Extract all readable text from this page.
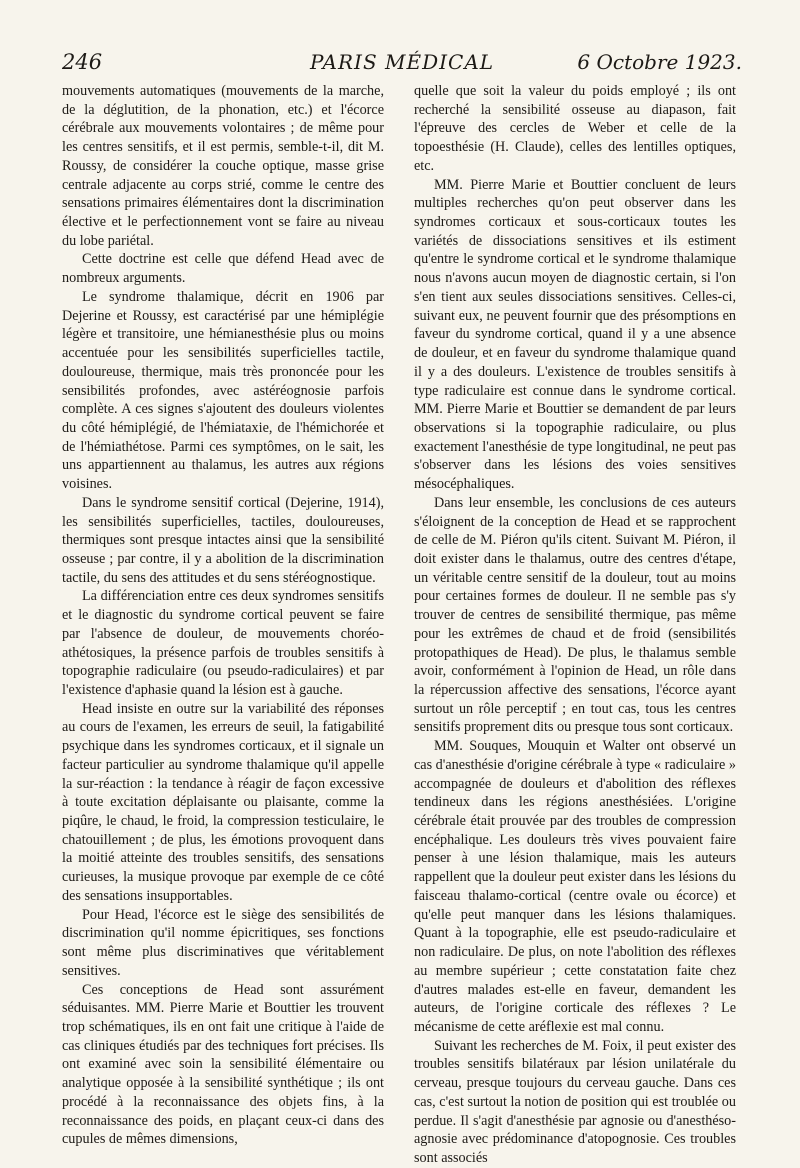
246	PARIS MÉDICAL	6 Octobre 1923.

mouvements automatiques (mouvements de la marche, de la déglutition, de la phonation, etc.) et l'écorce cérébrale aux mouvements volontaires ; de même pour les centres sensitifs, et il est permis, semble-t-il, dit M. Roussy, de considérer la couche optique, masse grise centrale adjacente au corps strié, comme le centre des sensations primaires élémentaires dont la discrimination élective et le perfectionnement vont se faire au niveau du lobe pariétal.

Cette doctrine est celle que défend Head avec de nombreux arguments.

Le syndrome thalamique, décrit en 1906 par Dejerine et Roussy, est caractérisé par une hémiplégie légère et transitoire, une hémianesthésie plus ou moins accentuée pour les sensibilités superficielles tactile, douloureuse, thermique, mais très prononcée pour les sensibilités profondes, avec astéréognosie parfois complète. A ces signes s'ajoutent des douleurs violentes du côté hémiplégié, de l'hémiataxie, de l'hémichorée et de l'hémiathétose. Parmi ces symptômes, on le sait, les uns appartiennent au thalamus, les autres aux régions voisines.

Dans le syndrome sensitif cortical (Dejerine, 1914), les sensibilités superficielles, tactiles, douloureuses, thermiques sont presque intactes ainsi que la sensibilité osseuse ; par contre, il y a abolition de la discrimination tactile, du sens des attitudes et du sens stéréognostique.

La différenciation entre ces deux syndromes sensitifs et le diagnostic du syndrome cortical peuvent se faire par l'absence de douleur, de mouvements choréo-athétosiques, la présence parfois de troubles sensitifs à topographie radiculaire (ou pseudo-radiculaires) et par l'existence d'aphasie quand la lésion est à gauche.

Head insiste en outre sur la variabilité des réponses au cours de l'examen, les erreurs de seuil, la fatigabilité psychique dans les syndromes corticaux, et il signale un facteur particulier au syndrome thalamique qu'il appelle la sur-réaction : la tendance à réagir de façon excessive à toute excitation déplaisante ou plaisante, comme la piqûre, le chaud, le froid, la compression testiculaire, le chatouillement ; de plus, les émotions provoquent dans la moitié atteinte des troubles sensitifs, des sensations curieuses, la musique provoque par exemple de ce côté des sensations insupportables.

Pour Head, l'écorce est le siège des sensibilités de discrimination qu'il nomme épicritiques, ses fonctions sont même plus discriminatives que véritablement sensitives.

Ces conceptions de Head sont assurément séduisantes. MM. Pierre Marie et Bouttier les trouvent trop schématiques, ils en ont fait une critique à l'aide de cas cliniques étudiés par des techniques fort précises. Ils ont examiné avec soin la sensibilité élémentaire ou analytique opposée à la sensibilité synthétique ; ils ont procédé à la reconnaissance des objets fins, à la reconnaissance des poids, en plaçant ceux-ci dans des cupules de mêmes dimensions,

quelle que soit la valeur du poids employé ; ils ont recherché la sensibilité osseuse au diapason, fait l'épreuve des cercles de Weber et celle de la topoesthésie (H. Claude), celles des lentilles optiques, etc.

MM. Pierre Marie et Bouttier concluent de leurs multiples recherches qu'on peut observer dans les syndromes corticaux et sous-corticaux toutes les variétés de dissociations sensitives et ils estiment qu'entre le syndrome cortical et le syndrome thalamique nous n'avons aucun moyen de diagnostic certain, si l'on s'en tient aux seules dissociations sensitives. Celles-ci, suivant eux, ne peuvent fournir que des présomptions en faveur du syndrome cortical, quand il y a une absence de douleur, et en faveur du syndrome thalamique quand il y a des douleurs. L'existence de troubles sensitifs à type radiculaire est connue dans le syndrome cortical. MM. Pierre Marie et Bouttier se demandent de par leurs observations si la topographie radiculaire, ou plus exactement l'anesthésie de type longitudinal, ne peut pas s'observer dans les lésions des voies sensitives mésocéphaliques.

Dans leur ensemble, les conclusions de ces auteurs s'éloignent de la conception de Head et se rapprochent de celle de M. Piéron qu'ils citent. Suivant M. Piéron, il doit exister dans le thalamus, outre des centres d'étape, un véritable centre sensitif de la douleur, tout au moins pour certaines formes de douleur. Il ne semble pas s'y trouver de centres de sensibilité thermique, pas même pour les extrêmes de chaud et de froid (sensibilités protopathiques de Head). De plus, le thalamus semble avoir, conformément à l'opinion de Head, un rôle dans la répercussion affective des sensations, l'écorce ayant surtout un rôle perceptif ; en tout cas, tous les centres sensitifs proprement dits ou presque tous sont corticaux.

MM. Souques, Mouquin et Walter ont observé un cas d'anesthésie d'origine cérébrale à type « radiculaire » accompagnée de douleurs et d'abolition des réflexes tendineux dans les régions anesthésiées. L'origine cérébrale était prouvée par des troubles de compression encéphalique. Les douleurs très vives pouvaient faire penser à une lésion thalamique, mais les auteurs rappellent que la douleur peut exister dans les lésions du faisceau thalamo-cortical (centre ovale ou écorce) et qu'elle peut manquer dans les lésions thalamiques. Quant à la topographie, elle est pseudo-radiculaire et non radiculaire. De plus, on note l'abolition des réflexes au membre supérieur ; cette constatation faite chez d'autres malades est-elle en faveur, demandent les auteurs, de l'origine corticale des réflexes ? Le mécanisme de cette aréflexie est mal connu.

Suivant les recherches de M. Foix, il peut exister des troubles sensitifs bilatéraux par lésion unilatérale du cerveau, presque toujours du cerveau gauche. Dans ces cas, c'est surtout la notion de position qui est troublée ou perdue. Il s'agit d'anesthésie par agnosie ou d'anesthéso-agnosie avec prédominance d'atopognosie. Ces troubles sont associés
